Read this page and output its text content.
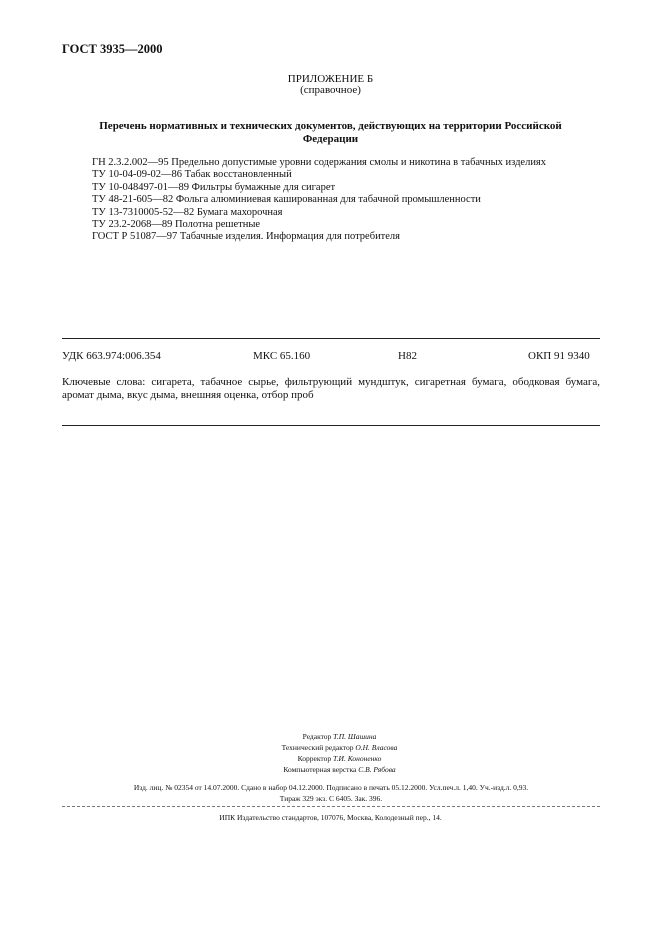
ГОСТ 3935—2000
ПРИЛОЖЕНИЕ Б
(справочное)
Перечень нормативных и технических документов, действующих на территории Российской Федерации
ГН 2.3.2.002—95 Предельно допустимые уровни содержания смолы и никотина в табачных изделиях
ТУ 10-04-09-02—86 Табак восстановленный
ТУ 10-048497-01—89 Фильтры бумажные для сигарет
ТУ 48-21-605—82 Фольга алюминиевая кашированная для табачной промышленности
ТУ 13-7310005-52—82 Бумага махорочная
ТУ 23.2-2068—89 Полотна решетные
ГОСТ Р 51087—97 Табачные изделия. Информация для потребителя
УДК 663.974:006.354	МКС 65.160	Н82	ОКП 91 9340
Ключевые слова: сигарета, табачное сырье, фильтрующий мундштук, сигаретная бумага, ободковая бумага, аромат дыма, вкус дыма, внешняя оценка, отбор проб
Редактор Т.П. Шашина
Технический редактор О.Н. Власова
Корректор Т.И. Кононенко
Компьютерная верстка С.В. Рябова
Изд. лиц. № 02354 от 14.07.2000. Сдано в набор 04.12.2000. Подписано в печать 05.12.2000. Усл.печ.л. 1,40. Уч.-изд.л. 0,93.
Тираж 329 экз. С 6405. Зак. 396.
ИПК Издательство стандартов, 107076, Москва, Колодезный пер., 14.
